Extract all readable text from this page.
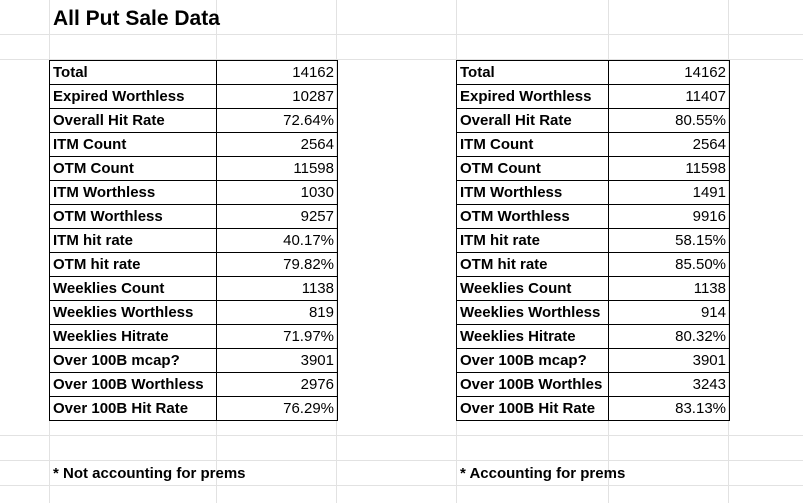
All Put Sale Data
Total	14162
Expired Worthless	10287
Overall Hit Rate	72.64%
ITM Count	2564
OTM Count	11598
ITM Worthless	1030
OTM Worthless	9257
ITM hit rate	40.17%
OTM hit rate	79.82%
Weeklies Count	1138
Weeklies Worthless	819
Weeklies Hitrate	71.97%
Over 100B mcap?	3901
Over 100B Worthless	2976
Over 100B Hit Rate	76.29%
Total	14162
Expired Worthless	11407
Overall Hit Rate	80.55%
ITM Count	2564
OTM Count	11598
ITM Worthless	1491
OTM Worthless	9916
ITM hit rate	58.15%
OTM hit rate	85.50%
Weeklies Count	1138
Weeklies Worthless	914
Weeklies Hitrate	80.32%
Over 100B mcap?	3901
Over 100B Worthles	3243
Over 100B Hit Rate	83.13%
* Not accounting for prems	* Accounting for prems
